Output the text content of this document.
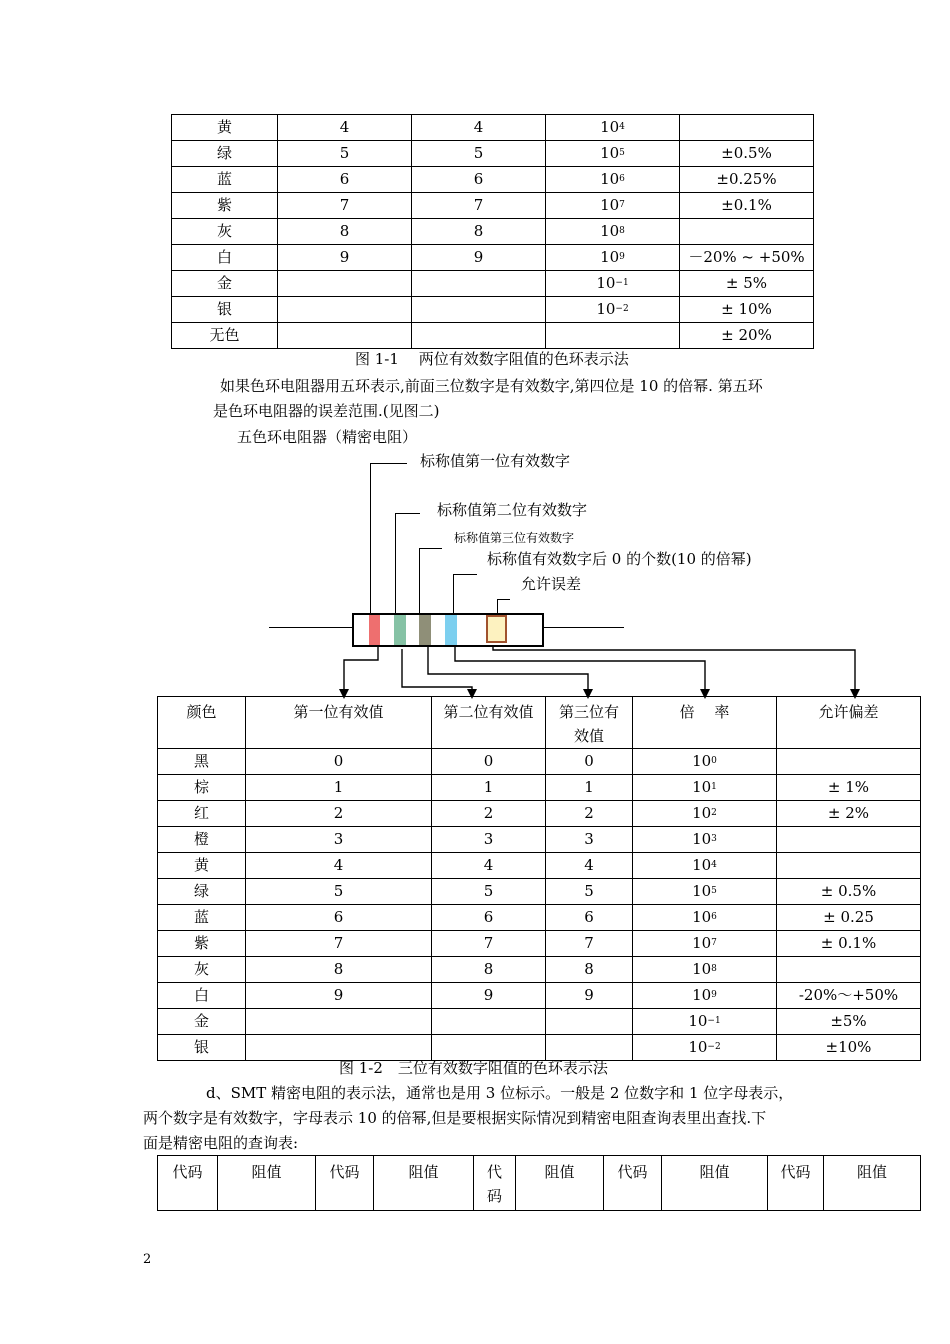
黄	4	4	$10^4$	
绿	5	5	$10^5$	±0.5%
蓝	6	6	$10^6$	±0.25%
紫	7	7	$10^7$	±0.1%
灰	8	8	$10^8$	
白	9	9	$10^9$	－20% ~ +50%
金			$10^{-1}$	± 5%
银			$10^{-2}$	± 10%
无色				± 20%
图 1-1　 两位有效数字阻值的色环表示法
如果色环电阻器用五环表示,前面三位数字是有效数字,第四位是 10 的倍幂. 第五环
是色环电阻器的误差范围.(见图二)
五色环电阻器（精密电阻）
标称值第一位有效数字
标称值第二位有效数字
标称值第三位有效数字
标称值有效数字后 0 的个数(10 的倍幂)
允许误差
颜色	第一位有效值	第二位有效值	第三位有效值	倍　 率	允许偏差
黑	0	0	0	$10^0$	
棕	1	1	1	$10^1$	± 1%
红	2	2	2	$10^2$	± 2%
橙	3	3	3	$10^3$	
黄	4	4	4	$10^4$	
绿	5	5	5	$10^5$	± 0.5%
蓝	6	6	6	$10^6$	± 0.25
紫	7	7	7	$10^7$	± 0.1%
灰	8	8	8	$10^8$	
白	9	9	9	$10^9$	-20%～+50%
金				$10^{-1}$	±5%
银				$10^{-2}$	±10%
图 1-2　三位有效数字阻值的色环表示法
d、SMT 精密电阻的表示法，通常也是用 3 位标示。一般是 2 位数字和 1 位字母表示，
两个数字是有效数字，字母表示 10 的倍幂,但是要根据实际情况到精密电阻查询表里出查找.下
面是精密电阻的查询表:
代码	阻值	代码	阻值	代码	阻值	代码	阻值	代码	阻值
2
